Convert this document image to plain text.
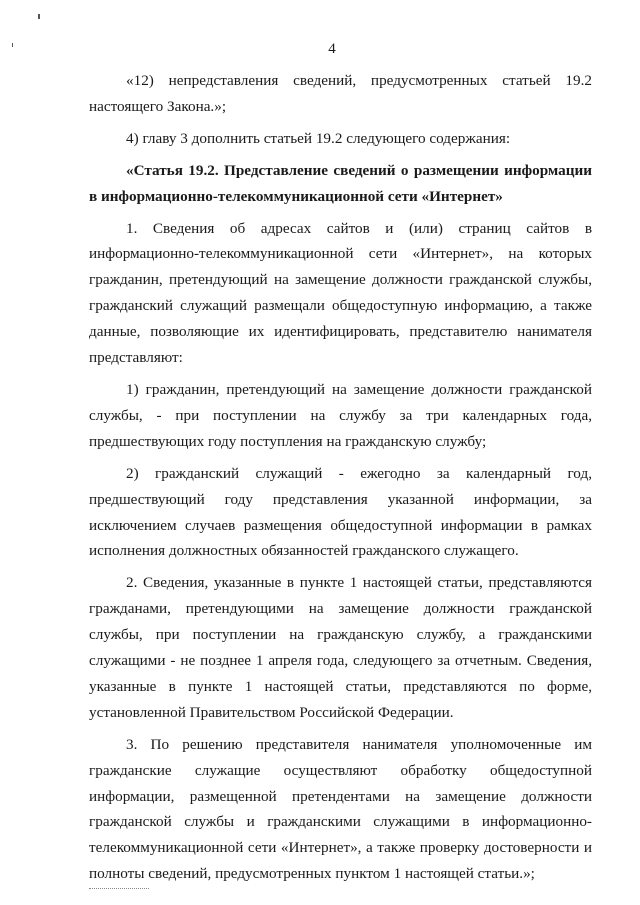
4

«12) непредставления сведений, предусмотренных статьей 19.2 настоящего Закона.»;

4) главу 3 дополнить статьей 19.2 следующего содержания:

«Статья 19.2. Представление сведений о размещении информации в информационно-телекоммуникационной сети «Интернет»

1. Сведения об адресах сайтов и (или) страниц сайтов в информационно-телекоммуникационной сети «Интернет», на которых гражданин, претендующий на замещение должности гражданской службы, гражданский служащий размещали общедоступную информацию, а также данные, позволяющие их идентифицировать, представителю нанимателя представляют:

1) гражданин, претендующий на замещение должности гражданской службы, - при поступлении на службу за три календарных года, предшествующих году поступления на гражданскую службу;

2) гражданский служащий - ежегодно за календарный год, предшествующий году представления указанной информации, за исключением случаев размещения общедоступной информации в рамках исполнения должностных обязанностей гражданского служащего.

2. Сведения, указанные в пункте 1 настоящей статьи, представляются гражданами, претендующими на замещение должности гражданской службы, при поступлении на гражданскую службу, а гражданскими служащими - не позднее 1 апреля года, следующего за отчетным. Сведения, указанные в пункте 1 настоящей статьи, представляются по форме, установленной Правительством Российской Федерации.

3. По решению представителя нанимателя уполномоченные им гражданские служащие осуществляют обработку общедоступной информации, размещенной претендентами на замещение должности гражданской службы и гражданскими служащими в информационно-телекоммуникационной сети «Интернет», а также проверку достоверности и полноты сведений, предусмотренных пунктом 1 настоящей статьи.»;
